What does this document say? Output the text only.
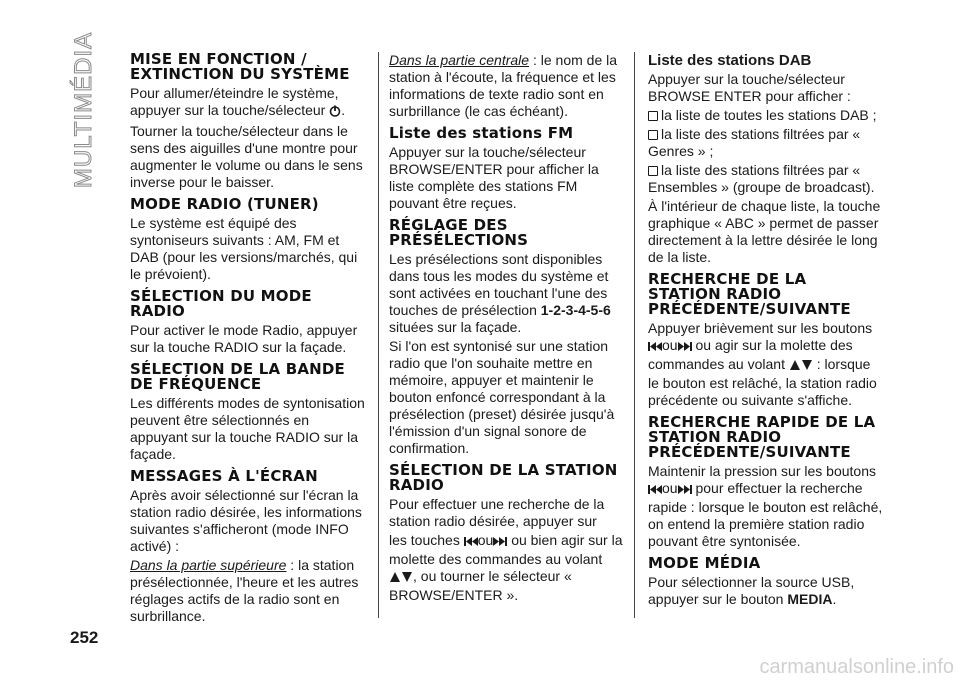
MULTIMÉDIA
252
MISE EN FONCTION / EXTINCTION DU SYSTÈME

Pour allumer/éteindre le système, appuyer sur la touche/sélecteur .

Tourner la touche/sélecteur dans le sens des aiguilles d'une montre pour augmenter le volume ou dans le sens inverse pour le baisser.

MODE RADIO (TUNER)

Le système est équipé des syntoniseurs suivants : AM, FM et DAB (pour les versions/marchés, qui le prévoient).

SÉLECTION DU MODE RADIO

Pour activer le mode Radio, appuyer sur la touche RADIO sur la façade.

SÉLECTION DE LA BANDE DE FRÉQUENCE

Les différents modes de syntonisation peuvent être sélectionnés en appuyant sur la touche RADIO sur la façade.

MESSAGES À L'ÉCRAN

Après avoir sélectionné sur l'écran la station radio désirée, les informations suivantes s'afficheront (mode INFO activé) :

Dans la partie supérieure : la station présélectionnée, l'heure et les autres réglages actifs de la radio sont en surbrillance.

Dans la partie centrale : le nom de la station à l'écoute, la fréquence et les informations de texte radio sont en surbrillance (le cas échéant).

Liste des stations FM

Appuyer sur la touche/sélecteur BROWSE/ENTER pour afficher la liste complète des stations FM pouvant être reçues.

RÉGLAGE DES PRÉSÉLECTIONS

Les présélections sont disponibles dans tous les modes du système et sont activées en touchant l'une des touches de présélection 1-2-3-4-5-6 situées sur la façade.

Si l'on est syntonisé sur une station radio que l'on souhaite mettre en mémoire, appuyer et maintenir le bouton enfoncé correspondant à la présélection (preset) désirée jusqu'à l'émission d'un signal sonore de confirmation.

SÉLECTION DE LA STATION RADIO

Pour effectuer une recherche de la station radio désirée, appuyer sur

les touches ou ou bien agir sur la molette des commandes au volant, ou tourner le sélecteur « BROWSE/ENTER ».

Liste des stations DAB

Appuyer sur la touche/sélecteur BROWSE ENTER pour afficher :

la liste de toutes les stations DAB ;

la liste des stations filtrées par « Genres » ;

la liste des stations filtrées par « Ensembles » (groupe de broadcast).

À l'intérieur de chaque liste, la touche graphique « ABC » permet de passer directement à la lettre désirée le long de la liste.

RECHERCHE DE LA STATION RADIO PRÉCÉDENTE/SUIVANTE

Appuyer brièvement sur les boutons ou ou agir sur la molette des commandes au volant  : lorsque le bouton est relâché, la station radio précédente ou suivante s'affiche.

RECHERCHE RAPIDE DE LA STATION RADIO PRÉCÉDENTE/SUIVANTE

Maintenir la pression sur les boutons ou pour effectuer la recherche rapide : lorsque le bouton est relâché, on entend la première station radio pouvant être syntonisée.

MODE MÉDIA

Pour sélectionner la source USB, appuyer sur le bouton MEDIA.

carmanualsonline.info
